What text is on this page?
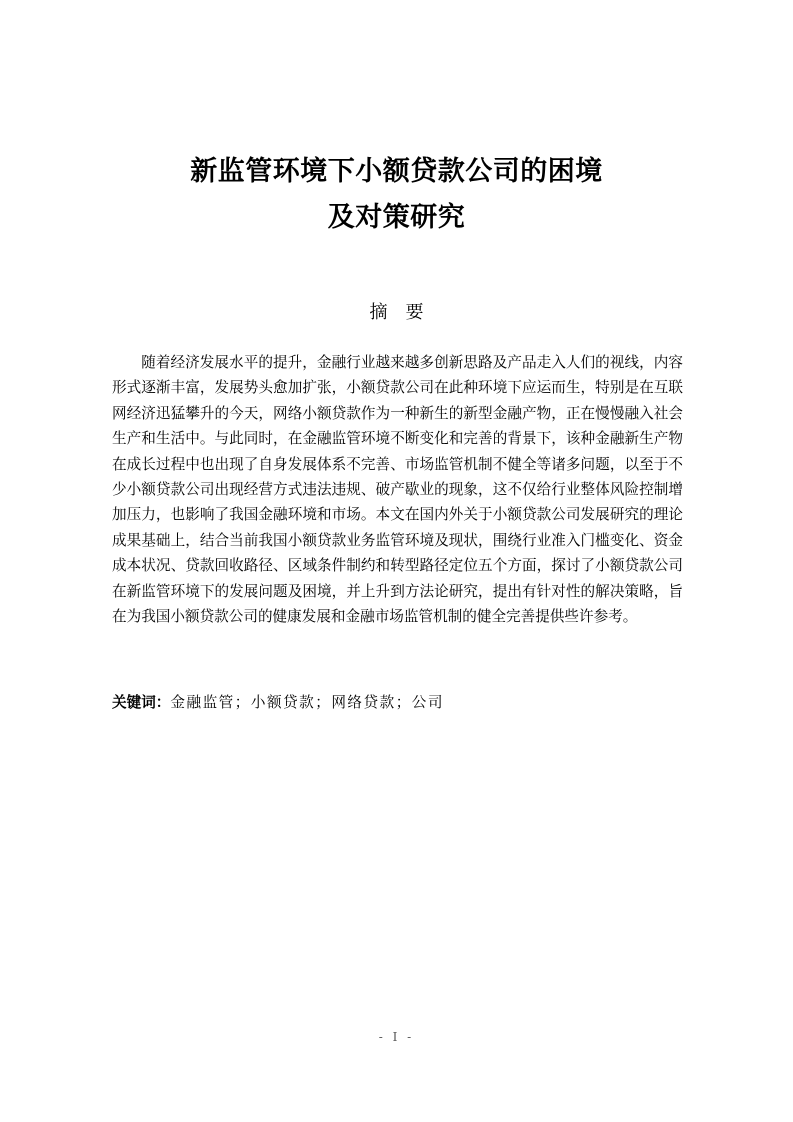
新监管环境下小额贷款公司的困境
及对策研究
摘要

随着经济发展水平的提升，金融行业越来越多创新思路及产品走入人们的视线，内容形式逐渐丰富，发展势头愈加扩张，小额贷款公司在此种环境下应运而生，特别是在互联网经济迅猛攀升的今天，网络小额贷款作为一种新生的新型金融产物，正在慢慢融入社会生产和生活中。与此同时，在金融监管环境不断变化和完善的背景下，该种金融新生产物在成长过程中也出现了自身发展体系不完善、市场监管机制不健全等诸多问题，以至于不少小额贷款公司出现经营方式违法违规、破产歇业的现象，这不仅给行业整体风险控制增加压力，也影响了我国金融环境和市场。本文在国内外关于小额贷款公司发展研究的理论成果基础上，结合当前我国小额贷款业务监管环境及现状，围绕行业准入门槛变化、资金成本状况、贷款回收路径、区域条件制约和转型路径定位五个方面，探讨了小额贷款公司在新监管环境下的发展问题及困境，并上升到方法论研究，提出有针对性的解决策略，旨在为我国小额贷款公司的健康发展和金融市场监管机制的健全完善提供些许参考。

关键词：金融监管；小额贷款；网络贷款；公司
- I -
